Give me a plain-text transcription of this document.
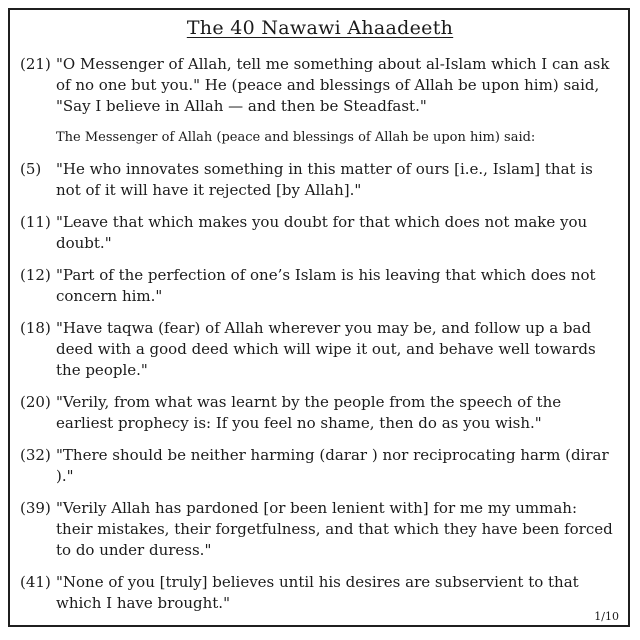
The 40 Nawawi Ahaadeeth
(21) "O Messenger of Allah, tell me something about al-Islam which I can ask of no one but you." He (peace and blessings of Allah be upon him) said, "Say I believe in Allah — and then be Steadfast."
The Messenger of Allah (peace and blessings of Allah be upon him) said:
(5) "He who innovates something in this matter of ours [i.e., Islam] that is not of it will have it rejected [by Allah]."
(11) "Leave that which makes you doubt for that which does not make you doubt."
(12) "Part of the perfection of one’s Islam is his leaving that which does not concern him."
(18) "Have taqwa (fear) of Allah wherever you may be, and follow up a bad deed with a good deed which will wipe it out, and behave well towards the people."
(20) "Verily, from what was learnt by the people from the speech of the earliest prophecy is: If you feel no shame, then do as you wish."
(32) "There should be neither harming (darar ) nor reciprocating harm (dirar )."
(39) "Verily Allah has pardoned [or been lenient with] for me my ummah: their mistakes, their forgetfulness, and that which they have been forced to do under duress."
(41) "None of you [truly] believes until his desires are subservient to that which I have brought."
1/10
